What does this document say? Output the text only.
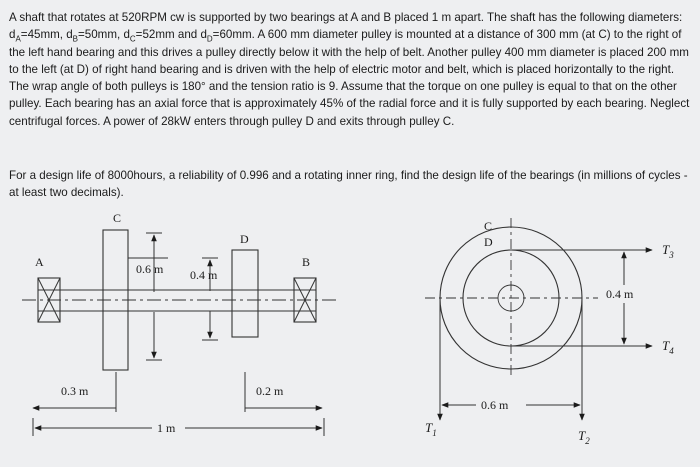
A shaft that rotates at 520RPM cw is supported by two bearings at A and B placed 1 m apart. The shaft has the following diameters: $d_A=45mm$, $d_B=50mm$, $d_C=52mm$ and $d_D=60mm$. A 600 mm diameter pulley is mounted at a distance of 300 mm (at C) to the right of the left hand bearing and this drives a pulley directly below it with the help of belt. Another pulley 400 mm diameter is placed 200 mm to the left (at D) of right hand bearing and is driven with the help of electric motor and belt, which is placed horizontally to the right. The wrap angle of both pulleys is 180° and the tension ratio is 9. Assume that the torque on one pulley is equal to that on the other pulley. Each bearing has an axial force that is approximately 45% of the radial force and it is fully supported by each bearing. Neglect centrifugal forces. A power of 28kW enters through pulley D and exits through pulley C.

For a design life of 8000hours, a reliability of 0.996 and a rotating inner ring, find the design life of the bearings (in millions of cycles - at least two decimals).

A	B
C
D
0.6 m 0.4 m
0.3 m	0.2 m
1 m
C
D	$T_3$
$T_4$
0.4 m
$T_1$	$T_2$
0.6 m
